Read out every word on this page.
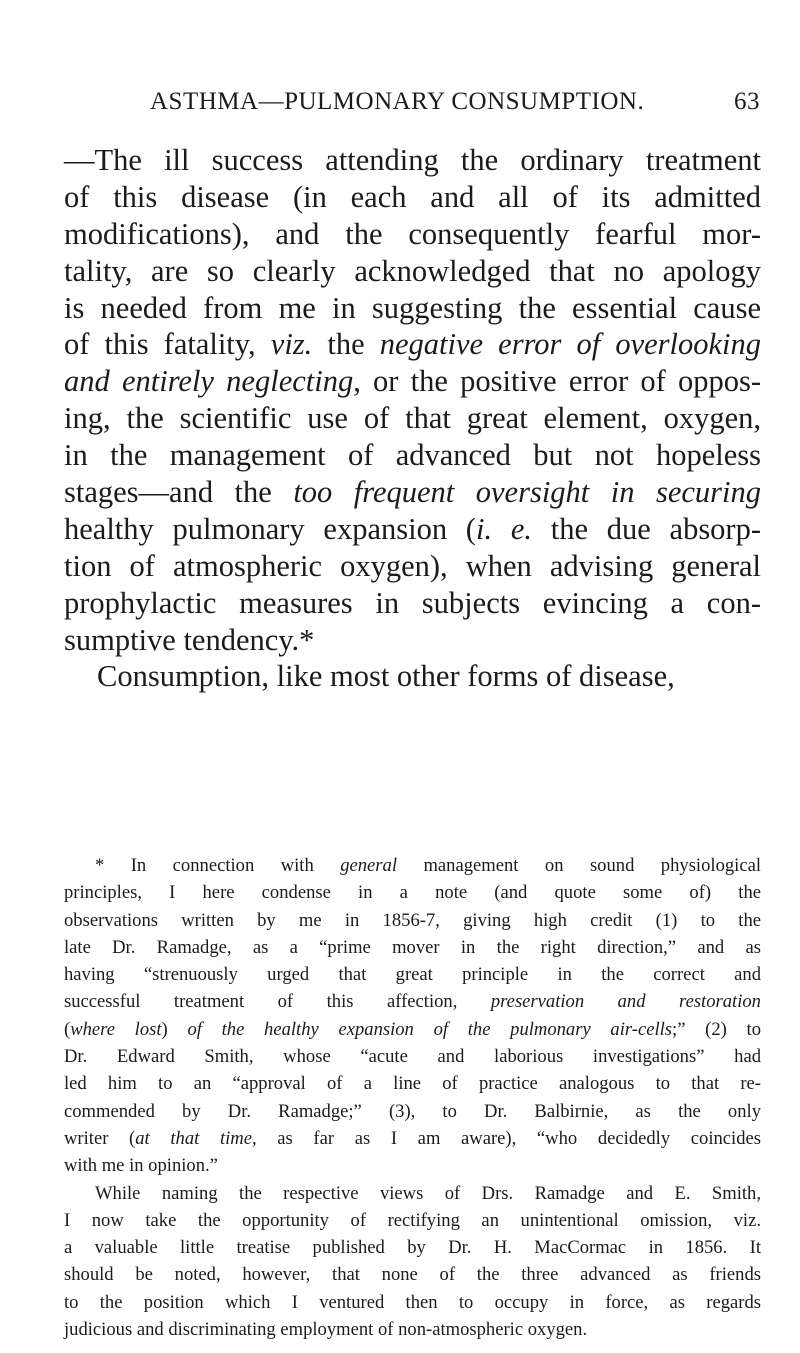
ASTHMA—PULMONARY CONSUMPTION.	63
—The ill success attending the ordinary treatment
of this disease (in each and all of its admitted
modifications), and the consequently fearful mor-
tality, are so clearly acknowledged that no apology
is needed from me in suggesting the essential cause
of this fatality, viz. the negative error of overlooking
and entirely neglecting, or the positive error of oppos-
ing, the scientific use of that great element, oxygen,
in the management of advanced but not hopeless
stages—and the too frequent oversight in securing
healthy pulmonary expansion (i. e. the due absorp-
tion of atmospheric oxygen), when advising general
prophylactic measures in subjects evincing a con-
sumptive tendency.*
Consumption, like most other forms of disease,
* In connection with general management on sound physiological
principles, I here condense in a note (and quote some of) the
observations written by me in 1856-7, giving high credit (1) to the
late Dr. Ramadge, as a “prime mover in the right direction,” and as
having “strenuously urged that great principle in the correct and
successful treatment of this affection, preservation and restoration
(where lost) of the healthy expansion of the pulmonary air-cells;” (2) to
Dr. Edward Smith, whose “acute and laborious investigations” had
led him to an “approval of a line of practice analogous to that re-
commended by Dr. Ramadge;” (3), to Dr. Balbirnie, as the only
writer (at that time, as far as I am aware), “who decidedly coincides
with me in opinion.”
While naming the respective views of Drs. Ramadge and E. Smith,
I now take the opportunity of rectifying an unintentional omission, viz.
a valuable little treatise published by Dr. H. MacCormac in 1856. It
should be noted, however, that none of the three advanced as friends
to the position which I ventured then to occupy in force, as regards
judicious and discriminating employment of non-atmospheric oxygen.
